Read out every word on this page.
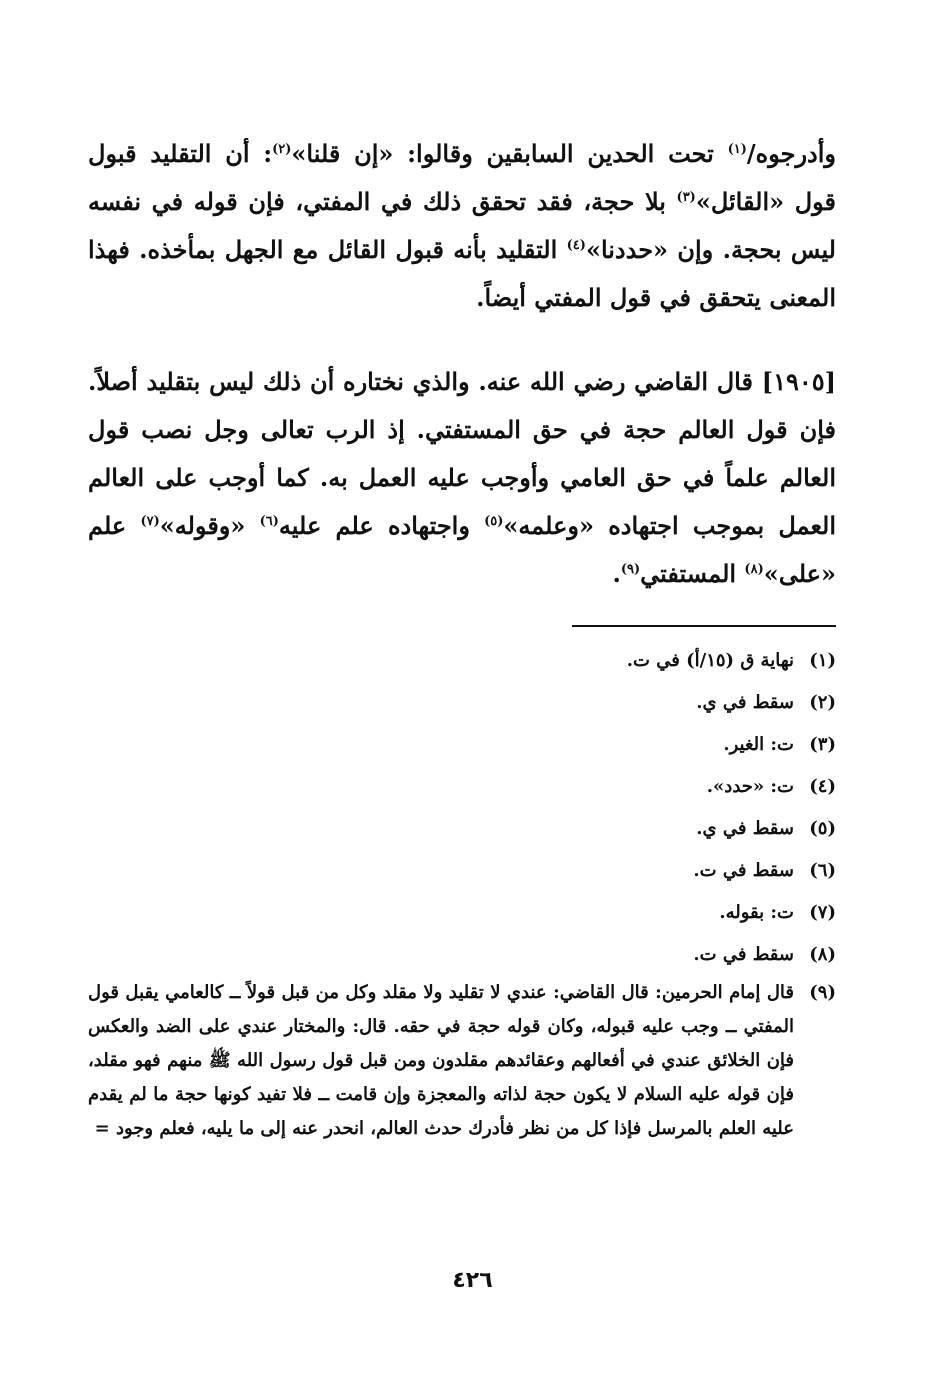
وأدرجوه/$^{(١)}$ تحت الحدين السابقين وقالوا: «إن قلنا»$^{(٢)}$: أن التقليد قبول قول «القائل»$^{(٣)}$ بلا حجة، فقد تحقق ذلك في المفتي، فإن قوله في نفسه ليس بحجة. وإن «حددنا»$^{(٤)}$ التقليد بأنه قبول القائل مع الجهل بمأخذه. فهذا المعنى يتحقق في قول المفتي أيضاً.

[١٩٠٥] قال القاضي رضي الله عنه. والذي نختاره أن ذلك ليس بتقليد أصلاً. فإن قول العالم حجة في حق المستفتي. إذ الرب تعالى وجل نصب قول العالم علماً في حق العامي وأوجب عليه العمل به. كما أوجب على العالم العمل بموجب اجتهاده «وعلمه»$^{(٥)}$ واجتهاده علم عليه$^{(٦)}$ «وقوله»$^{(٧)}$ علم «على»$^{(٨)}$ المستفتي$^{(٩)}$.

(١)
نهاية ق (١٥/أ) في ت.
(٢)
سقط في ي.
(٣)
ت: الغير.
(٤)
ت: «حدد».
(٥)
سقط في ي.
(٦)
سقط في ت.
(٧)
ت: بقوله.
(٨)
سقط في ت.
(٩)
قال إمام الحرمين: قال القاضي: عندي لا تقليد ولا مقلد وكل من قبل قولاً ــ كالعامي يقبل قول المفتي ــ وجب عليه قبوله، وكان قوله حجة في حقه. قال: والمختار عندي على الضد والعكس فإن الخلائق عندي في أفعالهم وعقائدهم مقلدون ومن قبل قول رسول الله ﷺ منهم فهو مقلد، فإن قوله عليه السلام لا يكون حجة لذاته والمعجزة وإن قامت ــ فلا تفيد كونها حجة ما لم يقدم عليه العلم بالمرسل فإذا كل من نظر فأدرك حدث العالم، انحدر عنه إلى ما يليه، فعلم وجود =
٤٢٦
